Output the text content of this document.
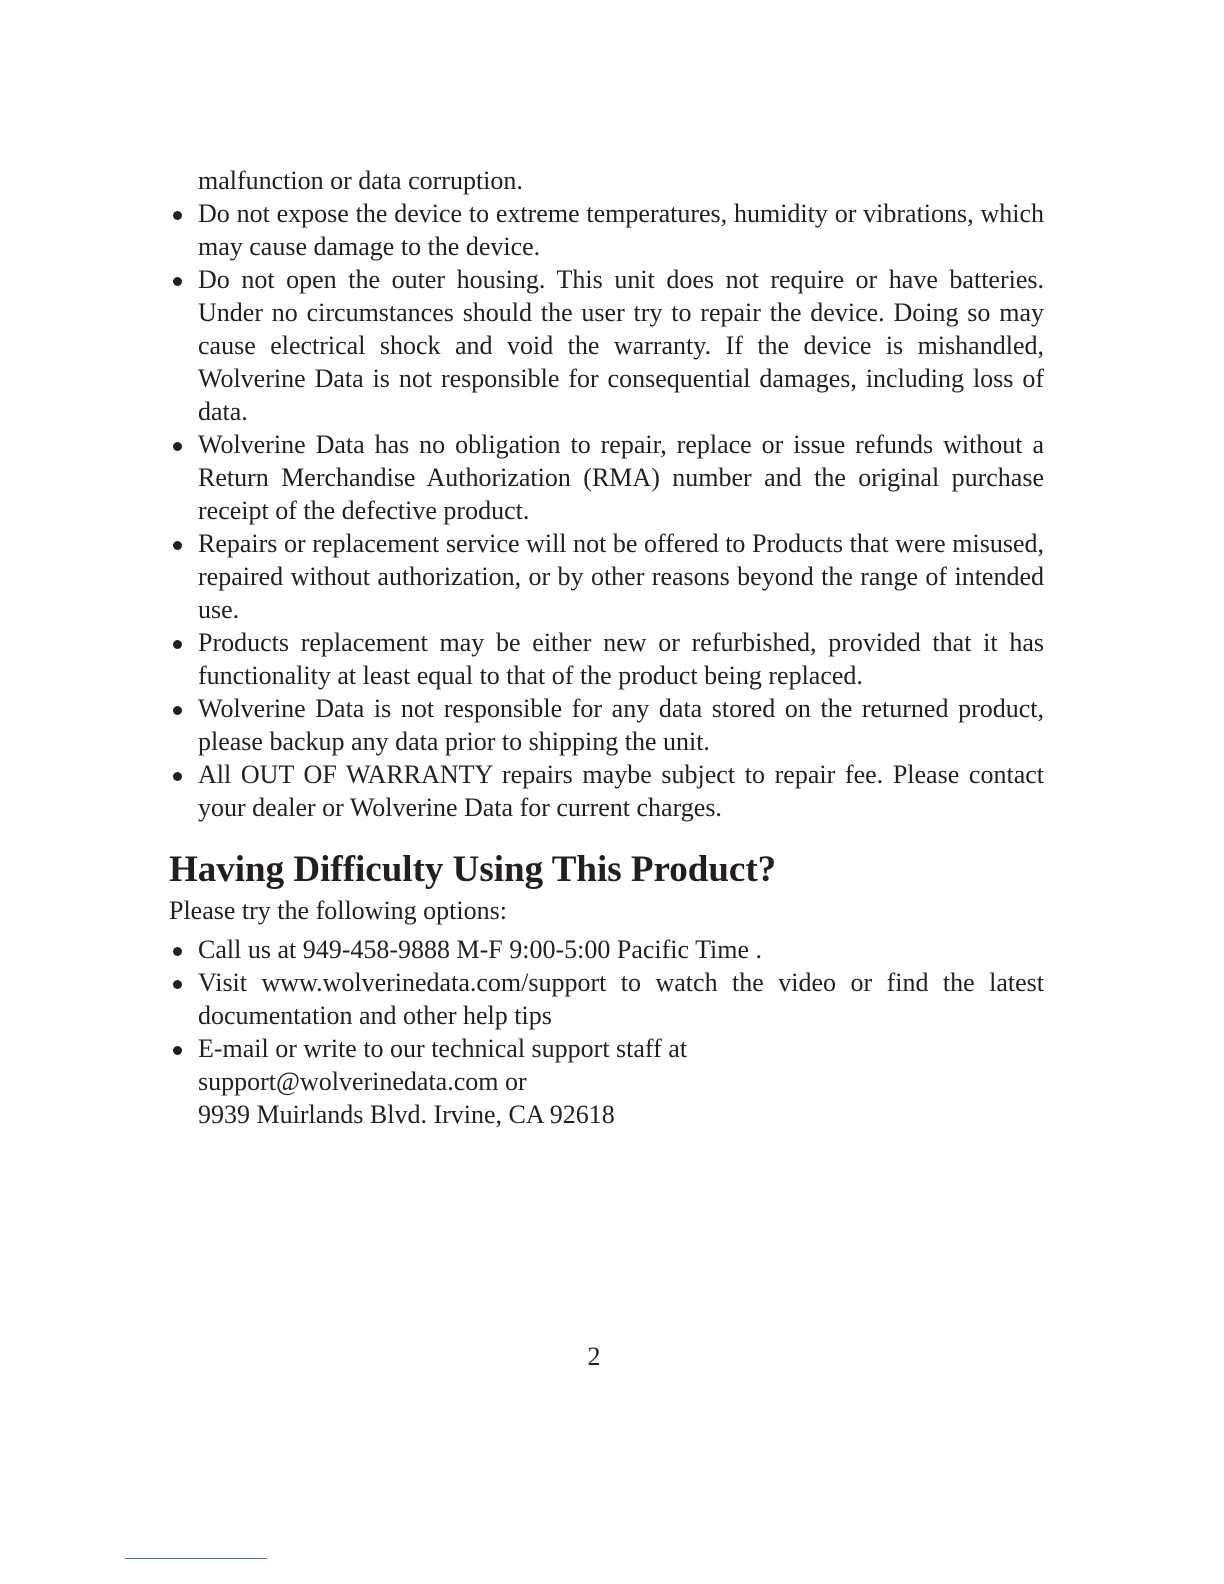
malfunction or data corruption.
Do not expose the device to extreme temperatures, humidity or vibrations, which may cause damage to the device.
Do not open the outer housing. This unit does not require or have batteries. Under no circumstances should the user try to repair the device. Doing so may cause electrical shock and void the warranty. If the device is mishandled, Wolverine Data is not responsible for consequential damages, including loss of data.
Wolverine Data has no obligation to repair, replace or issue refunds without a Return Merchandise Authorization (RMA) number and the original purchase receipt of the defective product.
Repairs or replacement service will not be offered to Products that were misused, repaired without authorization, or by other reasons beyond the range of intended use.
Products replacement may be either new or refurbished, provided that it has functionality at least equal to that of the product being replaced.
Wolverine Data is not responsible for any data stored on the returned product, please backup any data prior to shipping the unit.
All OUT OF WARRANTY repairs maybe subject to repair fee. Please contact your dealer or Wolverine Data for current charges.
Having Difficulty Using This Product?
Please try the following options:
Call us at 949-458-9888 M-F 9:00-5:00 Pacific Time .
Visit www.wolverinedata.com/support to watch the video or find the latest documentation and other help tips
E-mail or write to our technical support staff at
support@wolverinedata.com or
9939 Muirlands Blvd. Irvine, CA 92618
2
